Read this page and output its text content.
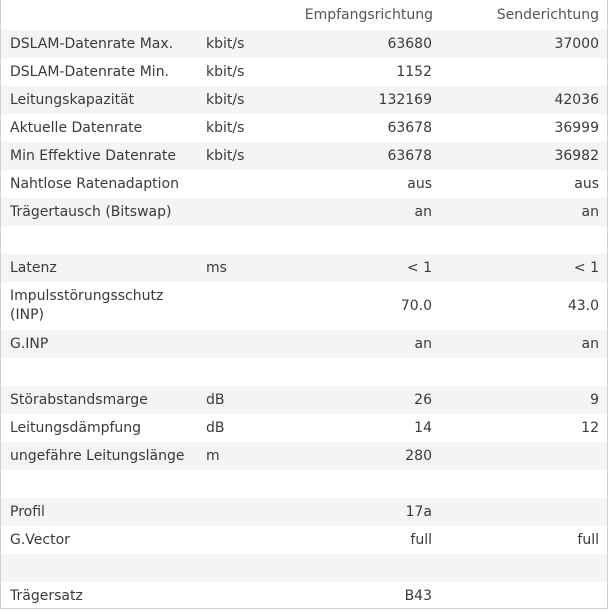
		Empfangsrichtung	Senderichtung
DSLAM-Datenrate Max.	kbit/s	63680	37000
DSLAM-Datenrate Min.	kbit/s	1152	
Leitungskapazität	kbit/s	132169	42036
Aktuelle Datenrate	kbit/s	63678	36999
Min Effektive Datenrate	kbit/s	63678	36982
Nahtlose Ratenadaption		aus	aus
Trägertausch (Bitswap)		an	an

Latenz	ms	< 1	< 1
Impulsstörungsschutz (INP)		70.0	43.0
G.INP		an	an

Störabstandsmarge	dB	26	9
Leitungsdämpfung	dB	14	12
ungefähre Leitungslänge	m	280	

Profil		17a	
G.Vector		full	full

Trägersatz		B43	
